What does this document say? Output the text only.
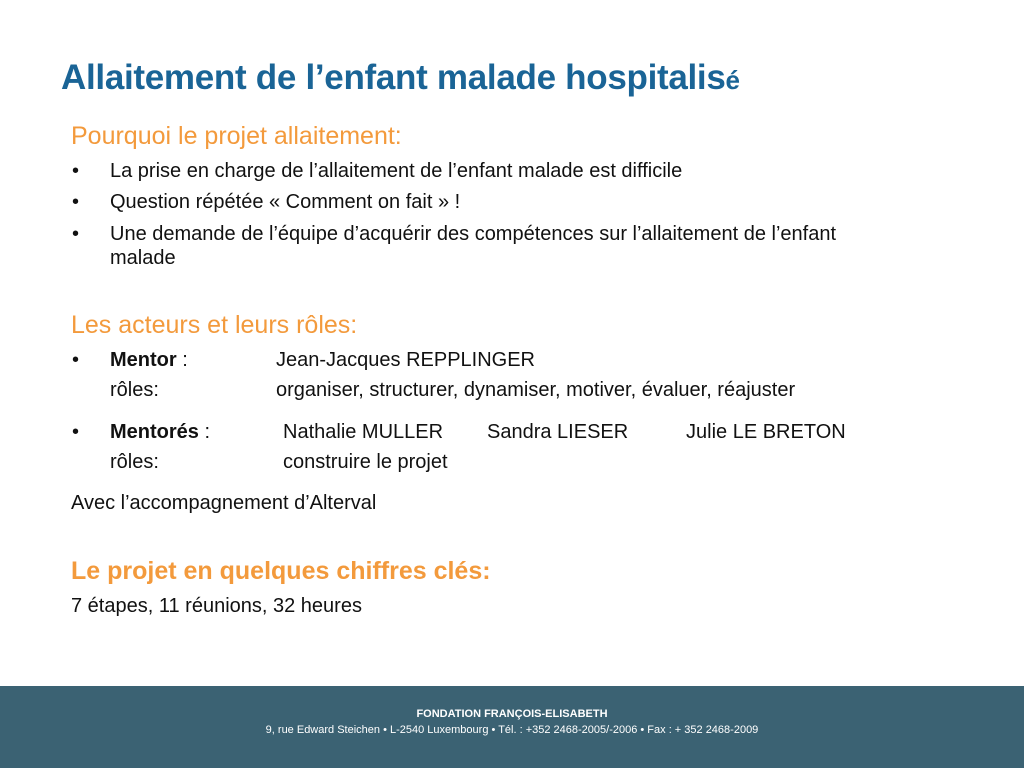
Allaitement de l’enfant malade hospitalisé
Pourquoi le projet allaitement:
• La prise en charge de l’allaitement de l’enfant malade est difficile
• Question répétée « Comment on fait » !
• Une demande de l’équipe d’acquérir des compétences sur l’allaitement de l’enfant
malade
Les acteurs et leurs rôles:
• Mentor :	Jean-Jacques REPPLINGER
rôles:	organiser, structurer, dynamiser, motiver, évaluer, réajuster
• Mentorés :	Nathalie MULLER Sandra LIESER	Julie LE BRETON
rôles:	construire le projet
Avec l’accompagnement d’Alterval
Le projet en quelques chiffres clés:
7 étapes, 11 réunions, 32 heures
FONDATION FRANÇOIS-ELISABETH
9, rue Edward Steichen • L-2540 Luxembourg • Tél. : +352 2468-2005/-2006 • Fax : + 352 2468-2009
